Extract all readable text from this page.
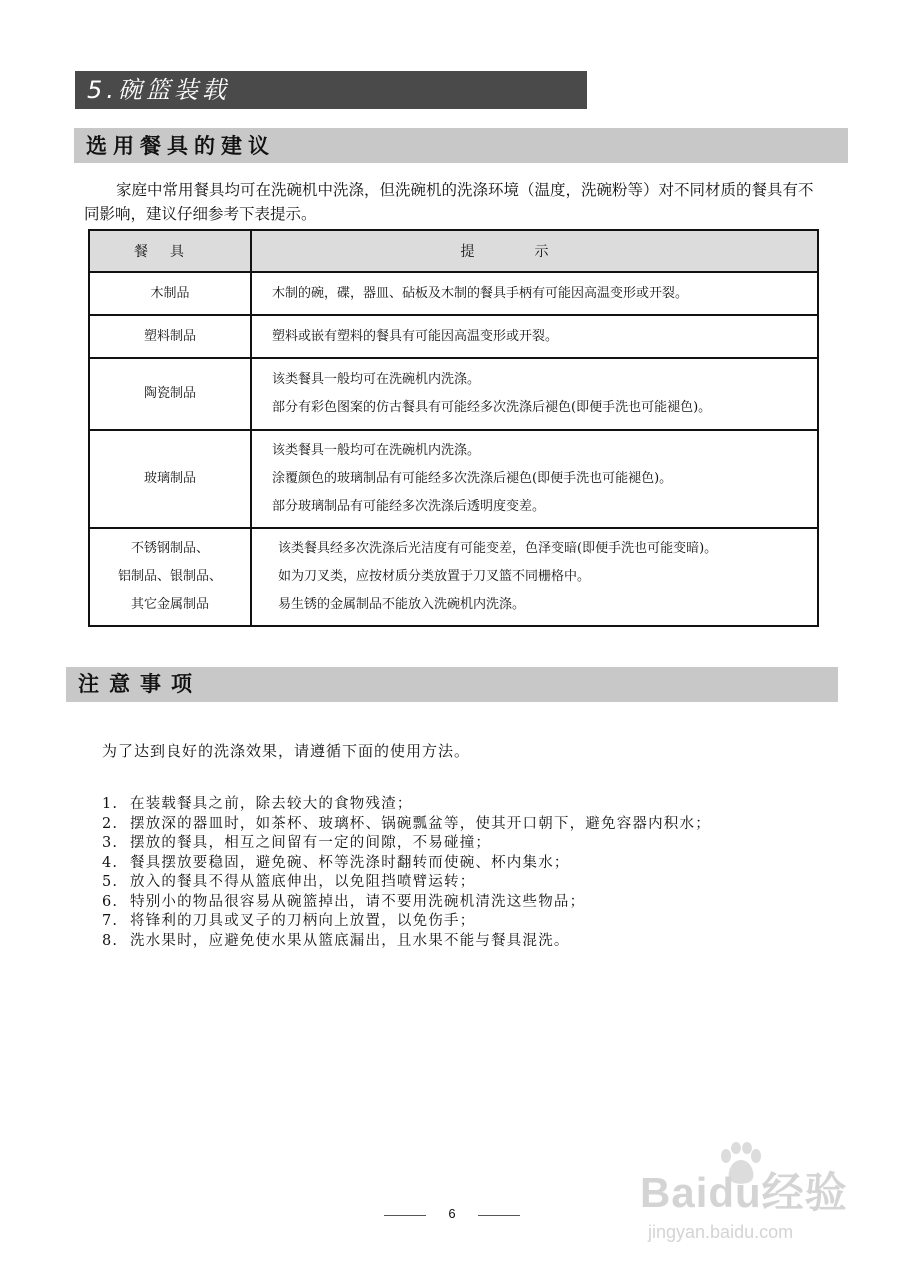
5.碗篮装载
选用餐具的建议
家庭中常用餐具均可在洗碗机中洗涤，但洗碗机的洗涤环境（温度，洗碗粉等）对不同材质的餐具有不同影响，建议仔细参考下表提示。
餐具	提示
木制品	木制的碗，碟，器皿、砧板及木制的餐具手柄有可能因高温变形或开裂。

塑料制品	塑料或嵌有塑料的餐具有可能因高温变形或开裂。

陶瓷制品	该类餐具一般均可在洗碗机内洗涤。
部分有彩色图案的仿古餐具有可能经多次洗涤后褪色(即便手洗也可能褪色)。

玻璃制品	该类餐具一般均可在洗碗机内洗涤。
涂覆颜色的玻璃制品有可能经多次洗涤后褪色(即便手洗也可能褪色)。
部分玻璃制品有可能经多次洗涤后透明度变差。

不锈钢制品、
铝制品、银制品、
其它金属制品	该类餐具经多次洗涤后光洁度有可能变差，色泽变暗(即便手洗也可能变暗)。
如为刀叉类，应按材质分类放置于刀叉篮不同栅格中。
易生锈的金属制品不能放入洗碗机内洗涤。
注意事项
为了达到良好的洗涤效果，请遵循下面的使用方法。
1. 在装载餐具之前，除去较大的食物残渣；
2. 摆放深的器皿时，如茶杯、玻璃杯、锅碗瓢盆等，使其开口朝下，避免容器内积水；
3. 摆放的餐具，相互之间留有一定的间隙，不易碰撞；
4. 餐具摆放要稳固，避免碗、杯等洗涤时翻转而使碗、杯内集水；
5. 放入的餐具不得从篮底伸出，以免阻挡喷臂运转；
6. 特别小的物品很容易从碗篮掉出，请不要用洗碗机清洗这些物品；
7. 将锋利的刀具或叉子的刀柄向上放置，以免伤手；
8. 洗水果时，应避免使水果从篮底漏出，且水果不能与餐具混洗。
6	Baidu经验
jingyan.baidu.com
